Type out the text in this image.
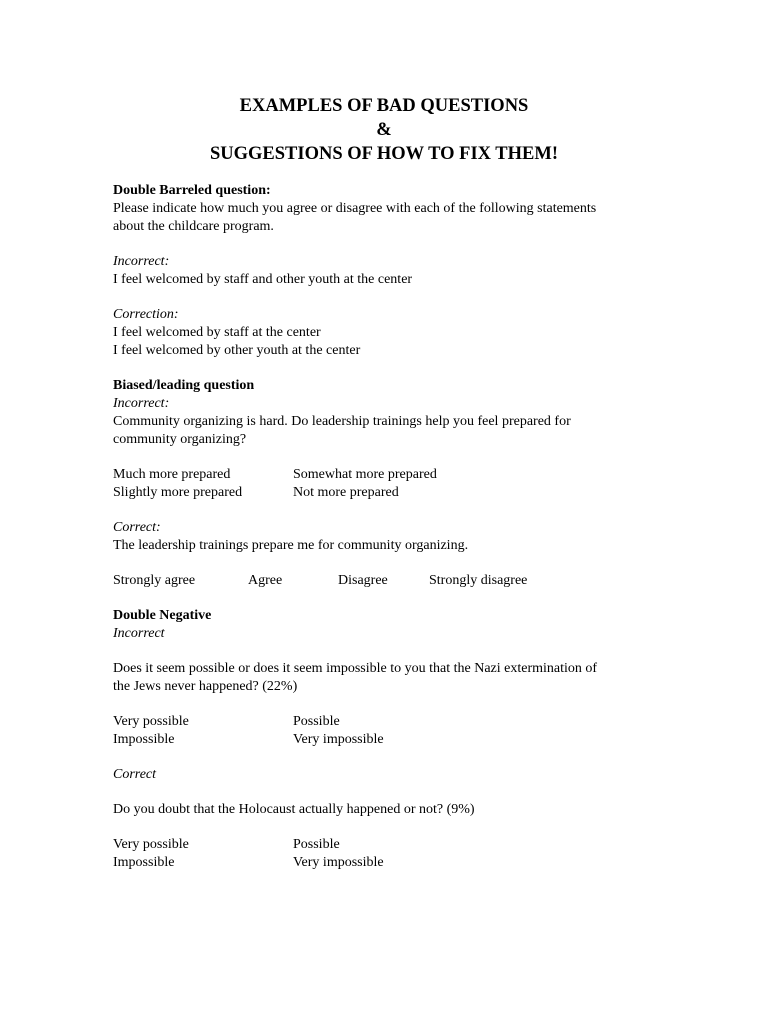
EXAMPLES OF BAD QUESTIONS
&
SUGGESTIONS OF HOW TO FIX THEM!
Double Barreled question:
Please indicate how much you agree or disagree with each of the following statements
about the childcare program.
Incorrect:
I feel welcomed by staff and other youth at the center
Correction:
I feel welcomed by staff at the center
I feel welcomed by other youth at the center
Biased/leading question
Incorrect:
Community organizing is hard. Do leadership trainings help you feel prepared for
community organizing?
Much more prepared	Somewhat more prepared
Slightly more prepared	Not more prepared
Correct:
The leadership trainings prepare me for community organizing.
Strongly agree	Agree	Disagree	Strongly disagree
Double Negative
Incorrect
Does it seem possible or does it seem impossible to you that the Nazi extermination of
the Jews never happened? (22%)
Very possible	Possible
Impossible	Very impossible
Correct
Do you doubt that the Holocaust actually happened or not? (9%)
Very possible	Possible
Impossible	Very impossible
